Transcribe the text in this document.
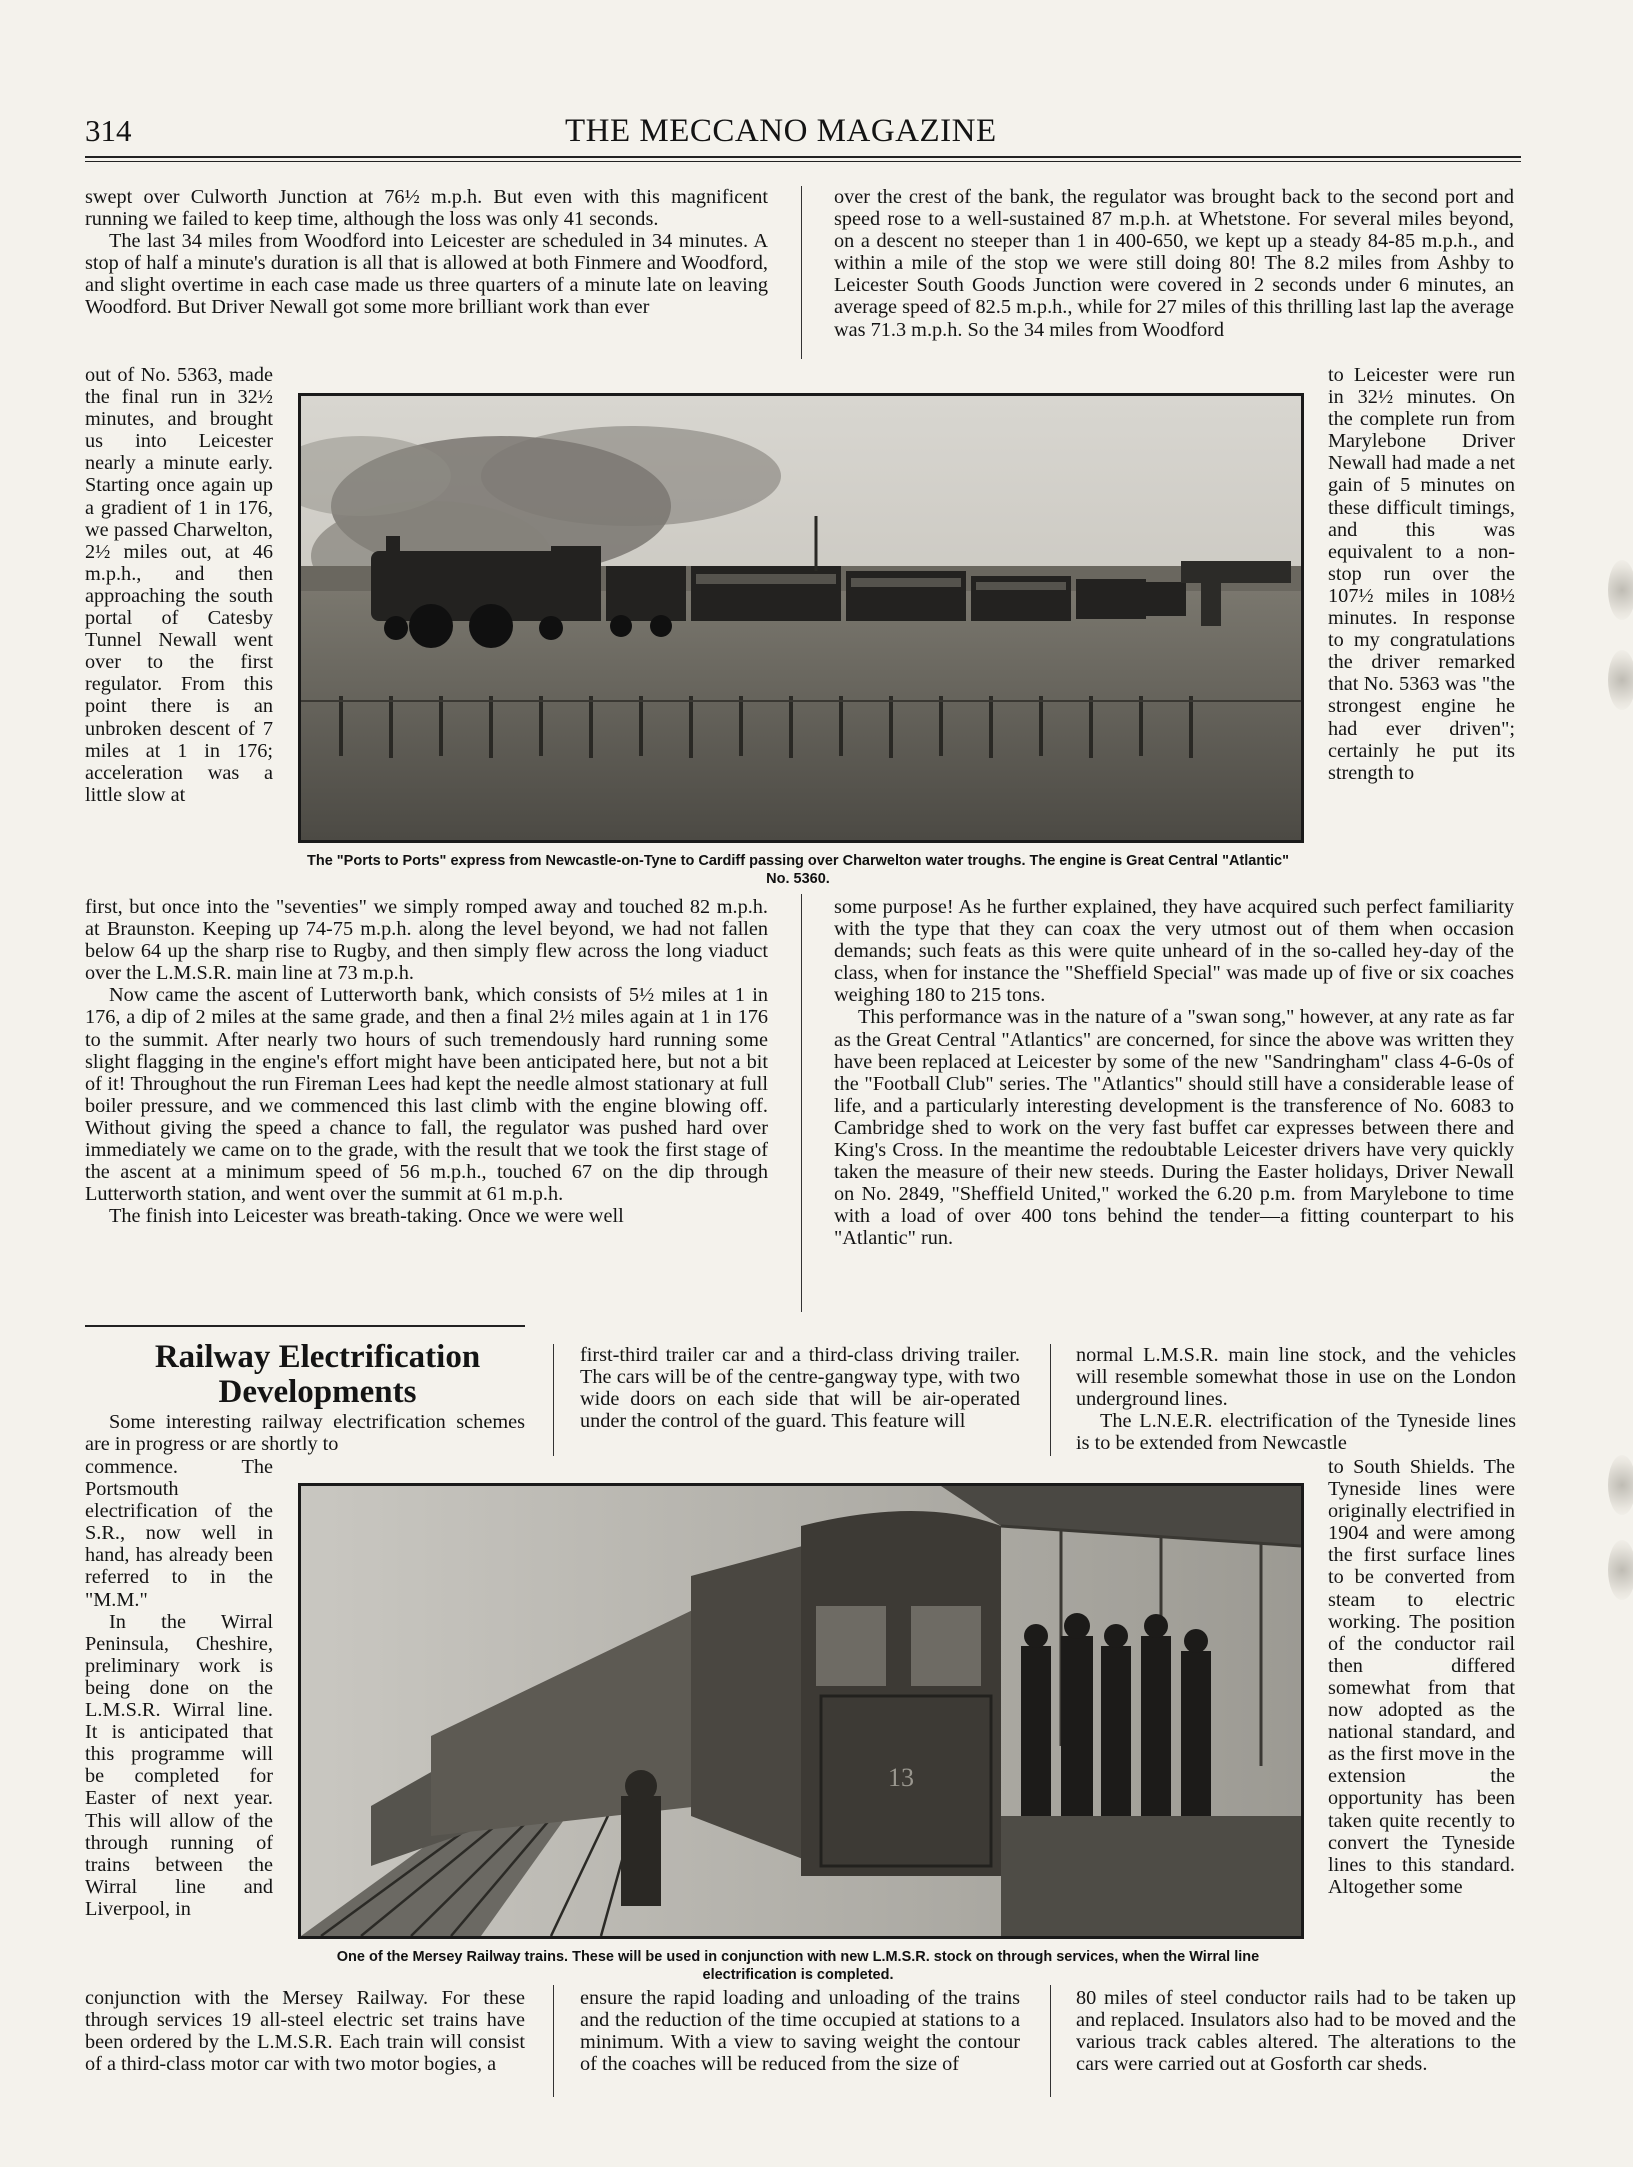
314	THE MECCANO MAGAZINE

swept over Culworth Junction at 76½ m.p.h. But even with this magnificent running we failed to keep time, although the loss was only 41 seconds.

The last 34 miles from Woodford into Leicester are scheduled in 34 minutes. A stop of half a minute's duration is all that is allowed at both Finmere and Woodford, and slight overtime in each case made us three quarters of a minute late on leaving Woodford. But Driver Newall got some more brilliant work than ever

over the crest of the bank, the regulator was brought back to the second port and speed rose to a well-sustained 87 m.p.h. at Whetstone. For several miles beyond, on a descent no steeper than 1 in 400-650, we kept up a steady 84-85 m.p.h., and within a mile of the stop we were still doing 80! The 8.2 miles from Ashby to Leicester South Goods Junction were covered in 2 seconds under 6 minutes, an average speed of 82.5 m.p.h., while for 27 miles of this thrilling last lap the average was 71.3 m.p.h. So the 34 miles from Woodford

out of No. 5363, made the final run in 32½ minutes, and brought us into Leicester nearly a minute early. Starting once again up a gradient of 1 in 176, we passed Charwelton, 2½ miles out, at 46 m.p.h., and then approaching the south portal of Catesby Tunnel Newall went over to the first regulator. From this point there is an unbroken descent of 7 miles at 1 in 176; acceleration was a little slow at

The "Ports to Ports" express from Newcastle-on-Tyne to Cardiff passing over Charwelton water troughs. The engine is Great Central "Atlantic" No. 5360.

to Leicester were run in 32½ minutes. On the complete run from Marylebone Driver Newall had made a net gain of 5 minutes on these difficult timings, and this was equivalent to a non-stop run over the 107½ miles in 108½ minutes. In response to my congratulations the driver remarked that No. 5363 was "the strongest engine he had ever driven"; certainly he put its strength to

first, but once into the "seventies" we simply romped away and touched 82 m.p.h. at Braunston. Keeping up 74-75 m.p.h. along the level beyond, we had not fallen below 64 up the sharp rise to Rugby, and then simply flew across the long viaduct over the L.M.S.R. main line at 73 m.p.h.

Now came the ascent of Lutterworth bank, which consists of 5½ miles at 1 in 176, a dip of 2 miles at the same grade, and then a final 2½ miles again at 1 in 176 to the summit. After nearly two hours of such tremendously hard running some slight flagging in the engine's effort might have been anticipated here, but not a bit of it! Throughout the run Fireman Lees had kept the needle almost stationary at full boiler pressure, and we commenced this last climb with the engine blowing off. Without giving the speed a chance to fall, the regulator was pushed hard over immediately we came on to the grade, with the result that we took the first stage of the ascent at a minimum speed of 56 m.p.h., touched 67 on the dip through Lutterworth station, and went over the summit at 61 m.p.h.

The finish into Leicester was breath-taking. Once we were well

some purpose! As he further explained, they have acquired such perfect familiarity with the type that they can coax the very utmost out of them when occasion demands; such feats as this were quite unheard of in the so-called hey-day of the class, when for instance the "Sheffield Special" was made up of five or six coaches weighing 180 to 215 tons.

This performance was in the nature of a "swan song," however, at any rate as far as the Great Central "Atlantics" are concerned, for since the above was written they have been replaced at Leicester by some of the new "Sandringham" class 4-6-0s of the "Football Club" series. The "Atlantics" should still have a considerable lease of life, and a particularly interesting development is the transference of No. 6083 to Cambridge shed to work on the very fast buffet car expresses between there and King's Cross. In the meantime the redoubtable Leicester drivers have very quickly taken the measure of their new steeds. During the Easter holidays, Driver Newall on No. 2849, "Sheffield United," worked the 6.20 p.m. from Marylebone to time with a load of over 400 tons behind the tender—a fitting counterpart to his "Atlantic" run.

Railway Electrification
Developments

Some interesting railway electrification schemes are in progress or are shortly to

first-third trailer car and a third-class driving trailer. The cars will be of the centre-gangway type, with two wide doors on each side that will be air-operated under the control of the guard. This feature will

normal L.M.S.R. main line stock, and the vehicles will resemble somewhat those in use on the London underground lines.

The L.N.E.R. electrification of the Tyneside lines is to be extended from Newcastle

commence. The Portsmouth electrification of the S.R., now well in hand, has already been referred to in the "M.M."

In the Wirral Peninsula, Cheshire, preliminary work is being done on the L.M.S.R. Wirral line. It is anticipated that this programme will be completed for Easter of next year. This will allow of the through running of trains between the Wirral line and Liverpool, in

13
One of the Mersey Railway trains. These will be used in conjunction with new L.M.S.R. stock on through services, when the Wirral line electrification is completed.

to South Shields. The Tyneside lines were originally electrified in 1904 and were among the first surface lines to be converted from steam to electric working. The position of the conductor rail then differed somewhat from that now adopted as the national standard, and as the first move in the extension the opportunity has been taken quite recently to convert the Tyneside lines to this standard. Altogether some

conjunction with the Mersey Railway. For these through services 19 all-steel electric set trains have been ordered by the L.M.S.R. Each train will consist of a third-class motor car with two motor bogies, a

ensure the rapid loading and unloading of the trains and the reduction of the time occupied at stations to a minimum. With a view to saving weight the contour of the coaches will be reduced from the size of

80 miles of steel conductor rails had to be taken up and replaced. Insulators also had to be moved and the various track cables altered. The alterations to the cars were carried out at Gosforth car sheds.
